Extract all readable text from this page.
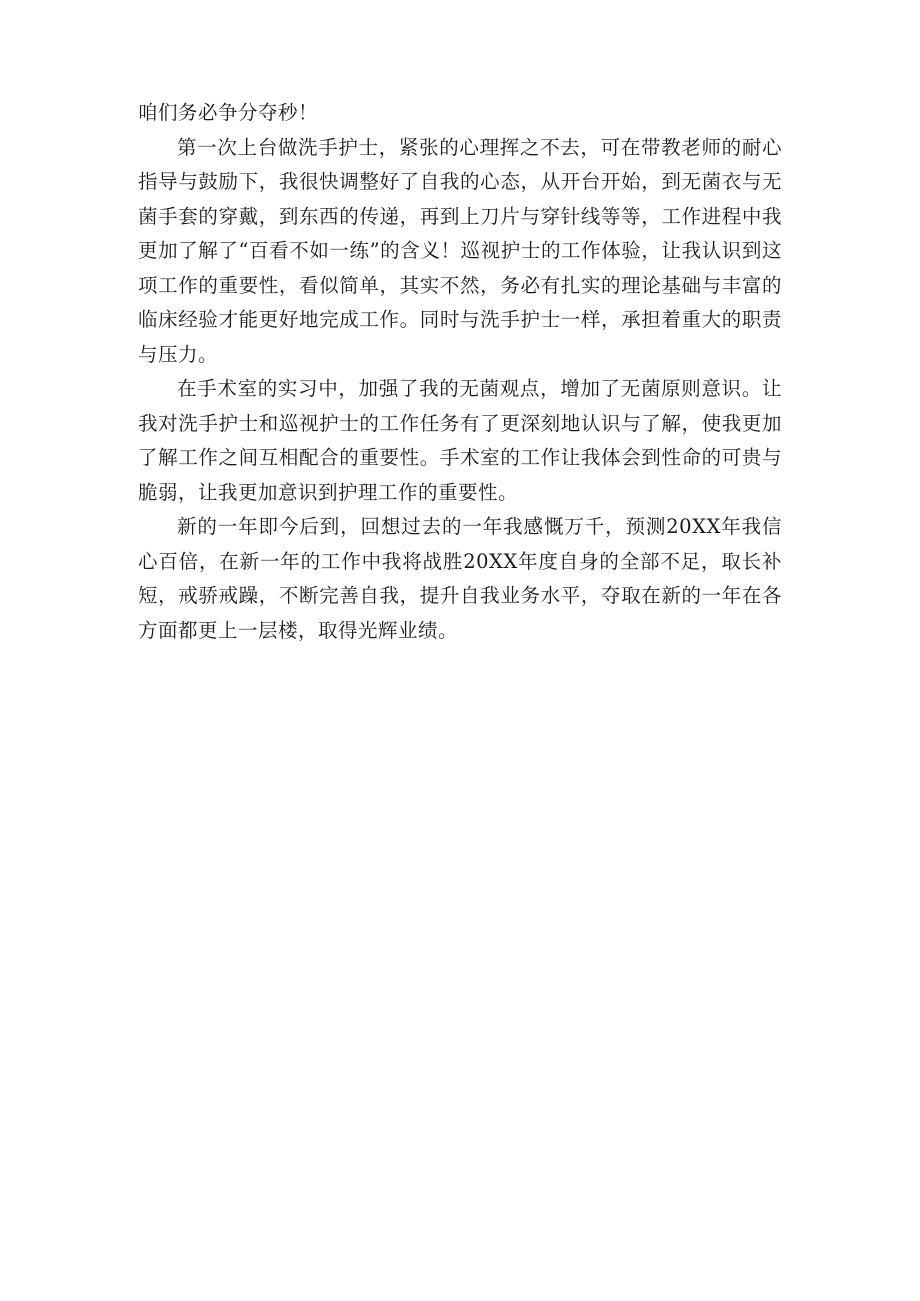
咱们务必争分夺秒！

第一次上台做洗手护士，紧张的心理挥之不去，可在带教老师的耐心指导与鼓励下，我很快调整好了自我的心态，从开台开始，到无菌衣与无菌手套的穿戴，到东西的传递，再到上刀片与穿针线等等，工作进程中我更加了解了“百看不如一练”的含义！巡视护士的工作体验，让我认识到这项工作的重要性，看似简单，其实不然，务必有扎实的理论基础与丰富的临床经验才能更好地完成工作。同时与洗手护士一样，承担着重大的职责与压力。

在手术室的实习中，加强了我的无菌观点，增加了无菌原则意识。让我对洗手护士和巡视护士的工作任务有了更深刻地认识与了解，使我更加了解工作之间互相配合的重要性。手术室的工作让我体会到性命的可贵与脆弱，让我更加意识到护理工作的重要性。

新的一年即今后到，回想过去的一年我感慨万千，预测20XX年我信心百倍，在新一年的工作中我将战胜20XX年度自身的全部不足，取长补短，戒骄戒躁，不断完善自我，提升自我业务水平，夺取在新的一年在各方面都更上一层楼，取得光辉业绩。
